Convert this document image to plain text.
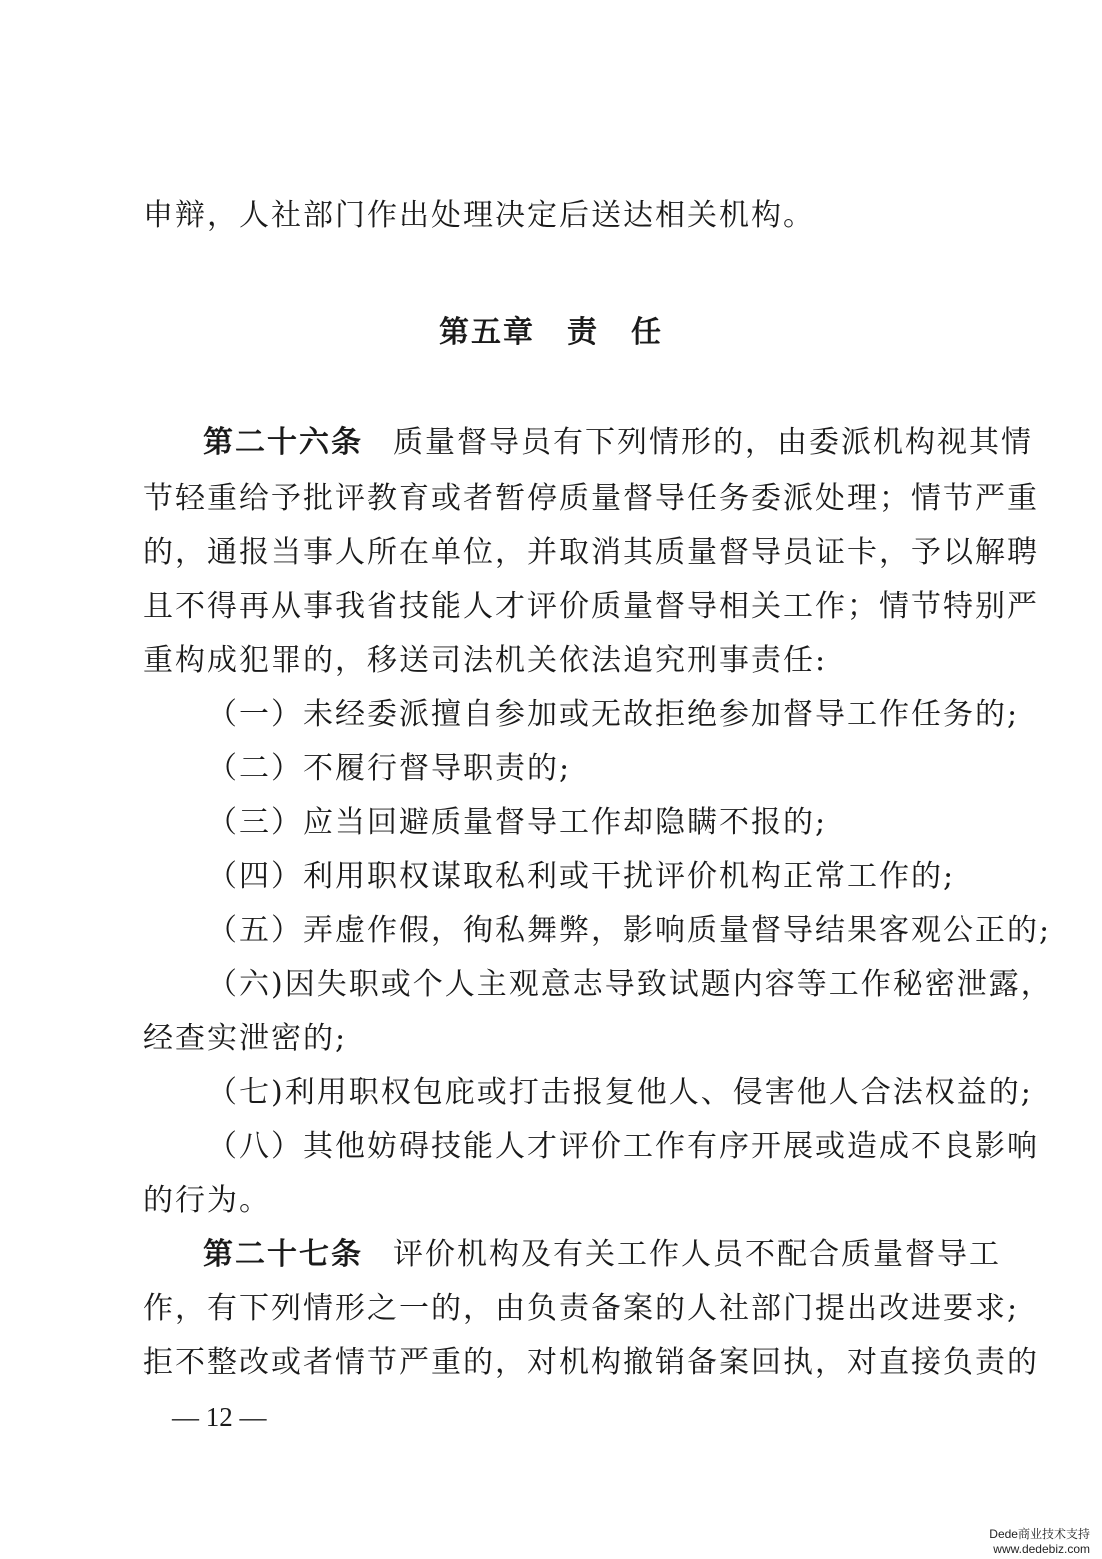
申辩，人社部门作出处理决定后送达相关机构。
第五章　责　任
第二十六条 质量督导员有下列情形的，由委派机构视其情
节轻重给予批评教育或者暂停质量督导任务委派处理；情节严重
的，通报当事人所在单位，并取消其质量督导员证卡，予以解聘
且不得再从事我省技能人才评价质量督导相关工作；情节特别严
重构成犯罪的，移送司法机关依法追究刑事责任:
（一）未经委派擅自参加或无故拒绝参加督导工作任务的;
（二）不履行督导职责的;
（三）应当回避质量督导工作却隐瞒不报的;
（四）利用职权谋取私利或干扰评价机构正常工作的;
（五）弄虚作假，徇私舞弊，影响质量督导结果客观公正的;
（六)因失职或个人主观意志导致试题内容等工作秘密泄露，
经查实泄密的;
（七)利用职权包庇或打击报复他人、侵害他人合法权益的;
（八）其他妨碍技能人才评价工作有序开展或造成不良影响
的行为。
第二十七条 评价机构及有关工作人员不配合质量督导工
作，有下列情形之一的，由负责备案的人社部门提出改进要求;
拒不整改或者情节严重的，对机构撤销备案回执，对直接负责的
— 12 —
Dede商业技术支持
www.dedebiz.com
